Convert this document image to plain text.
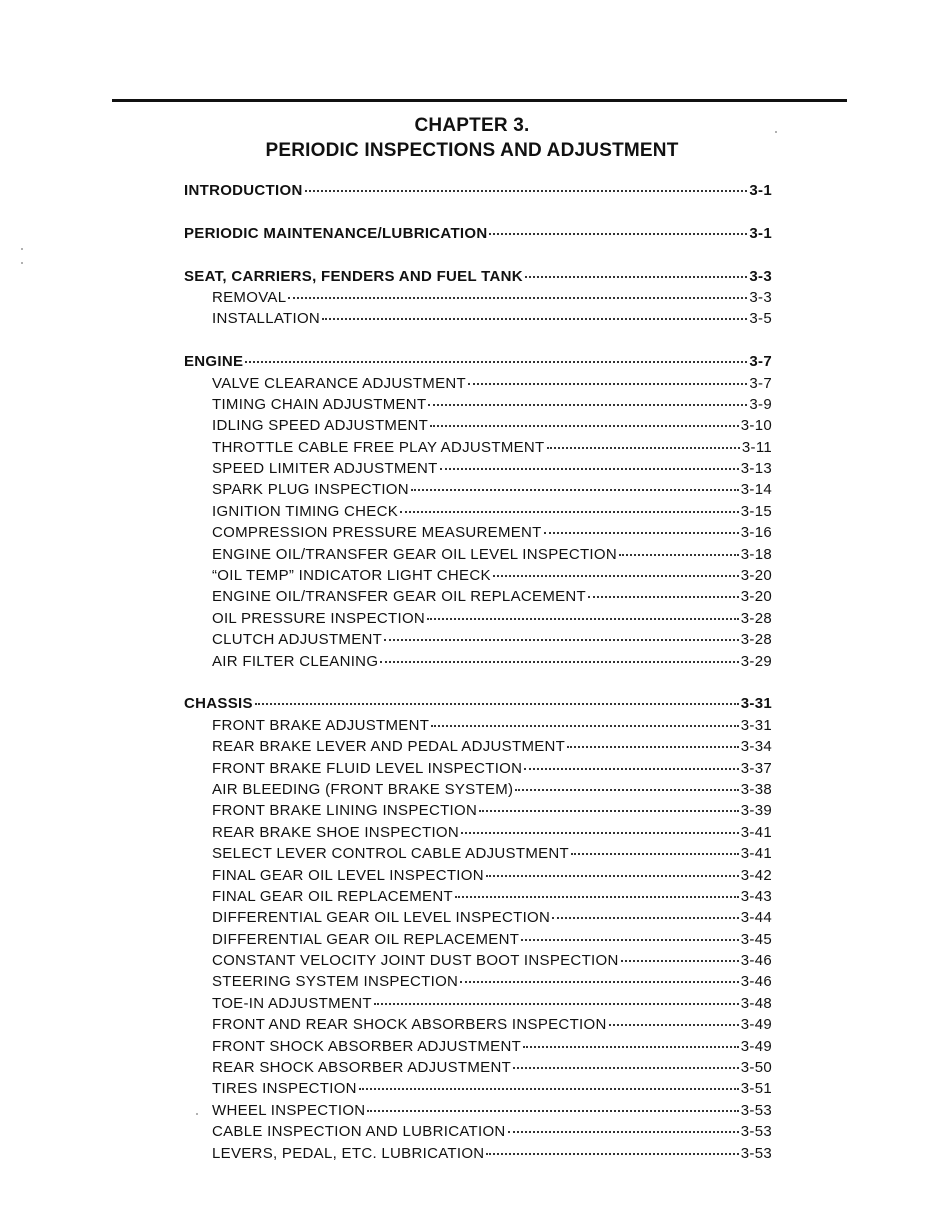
CHAPTER 3.
PERIODIC INSPECTIONS AND ADJUSTMENT
INTRODUCTION	3-1
PERIODIC MAINTENANCE/LUBRICATION	3-1
SEAT, CARRIERS, FENDERS AND FUEL TANK	3-3
REMOVAL	3-3
INSTALLATION	3-5
ENGINE	3-7
VALVE CLEARANCE ADJUSTMENT	3-7
TIMING CHAIN ADJUSTMENT	3-9
IDLING SPEED ADJUSTMENT	3-10
THROTTLE CABLE FREE PLAY ADJUSTMENT	3-11
SPEED LIMITER ADJUSTMENT	3-13
SPARK PLUG INSPECTION	3-14
IGNITION TIMING CHECK	3-15
COMPRESSION PRESSURE MEASUREMENT	3-16
ENGINE OIL/TRANSFER GEAR OIL LEVEL INSPECTION	3-18
“OIL TEMP” INDICATOR LIGHT CHECK	3-20
ENGINE OIL/TRANSFER GEAR OIL REPLACEMENT	3-20
OIL PRESSURE INSPECTION	3-28
CLUTCH ADJUSTMENT	3-28
AIR FILTER CLEANING	3-29
CHASSIS	3-31
FRONT BRAKE ADJUSTMENT	3-31
REAR BRAKE LEVER AND PEDAL ADJUSTMENT	3-34
FRONT BRAKE FLUID LEVEL INSPECTION	3-37
AIR BLEEDING (FRONT BRAKE SYSTEM)	3-38
FRONT BRAKE LINING INSPECTION	3-39
REAR BRAKE SHOE INSPECTION	3-41
SELECT LEVER CONTROL CABLE ADJUSTMENT	3-41
FINAL GEAR OIL LEVEL INSPECTION	3-42
FINAL GEAR OIL REPLACEMENT	3-43
DIFFERENTIAL GEAR OIL LEVEL INSPECTION	3-44
DIFFERENTIAL GEAR OIL REPLACEMENT	3-45
CONSTANT VELOCITY JOINT DUST BOOT INSPECTION	3-46
STEERING SYSTEM INSPECTION	3-46
TOE-IN ADJUSTMENT	3-48
FRONT AND REAR SHOCK ABSORBERS INSPECTION	3-49
FRONT SHOCK ABSORBER ADJUSTMENT	3-49
REAR SHOCK ABSORBER ADJUSTMENT	3-50
TIRES INSPECTION	3-51
WHEEL INSPECTION	3-53
CABLE INSPECTION AND LUBRICATION	3-53
LEVERS, PEDAL, ETC. LUBRICATION	3-53
